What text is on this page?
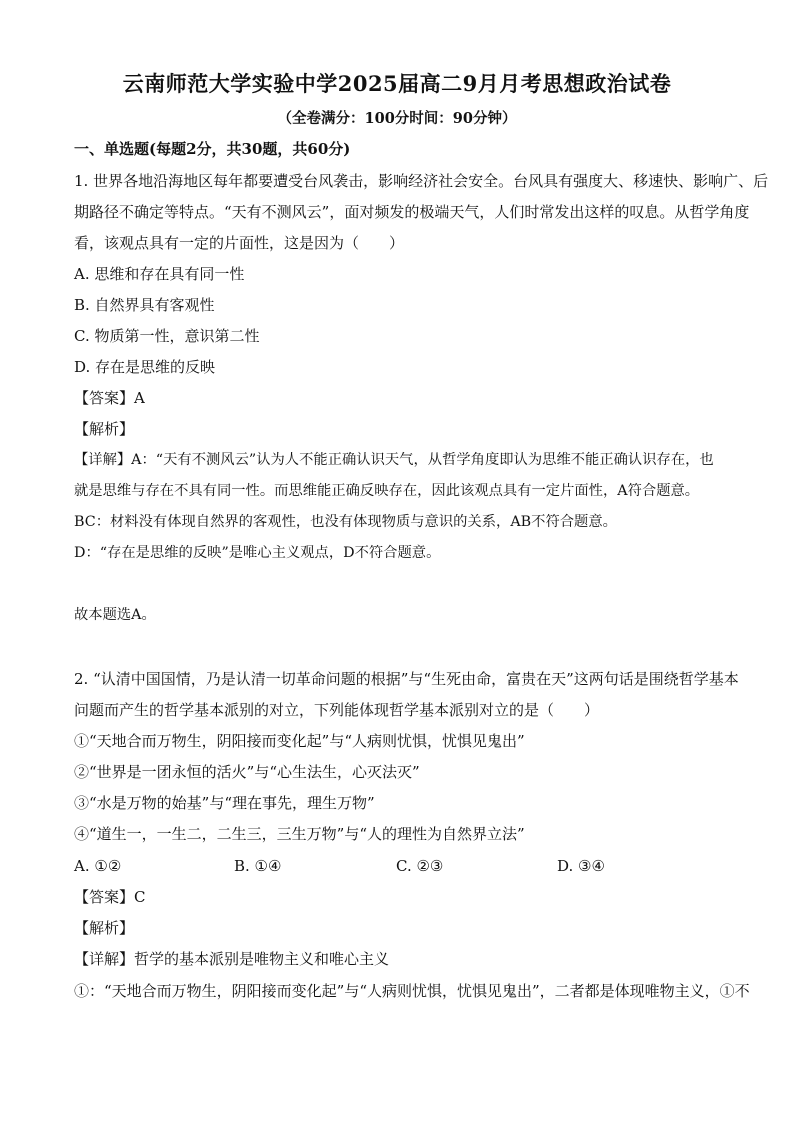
云南师范大学实验中学2025届高二9月月考思想政治试卷
（全卷满分：100分时间：90分钟）
一、单选题(每题2分，共30题，共60分)
1. 世界各地沿海地区每年都要遭受台风袭击，影响经济社会安全。台风具有强度大、移速快、影响广、后
期路径不确定等特点。“天有不测风云”，面对频发的极端天气，人们时常发出这样的叹息。从哲学角度
看，该观点具有一定的片面性，这是因为（　　）
A. 思维和存在具有同一性
B. 自然界具有客观性
C. 物质第一性，意识第二性
D. 存在是思维的反映
【答案】A
【解析】
【详解】A：“天有不测风云”认为人不能正确认识天气，从哲学角度即认为思维不能正确认识存在，也
就是思维与存在不具有同一性。而思维能正确反映存在，因此该观点具有一定片面性，A符合题意。
BC：材料没有体现自然界的客观性，也没有体现物质与意识的关系，AB不符合题意。
D：“存在是思维的反映”是唯心主义观点，D不符合题意。
故本题选A。
2. “认清中国国情，乃是认清一切革命问题的根据”与“生死由命，富贵在天”这两句话是围绕哲学基本
问题而产生的哲学基本派别的对立，下列能体现哲学基本派别对立的是（　　）
①“天地合而万物生，阴阳接而变化起”与“人病则忧惧，忧惧见鬼出”
②“世界是一团永恒的活火”与“心生法生，心灭法灭”
③“水是万物的始基”与“理在事先，理生万物”
④“道生一，一生二，二生三，三生万物”与“人的理性为自然界立法”
A. ①②	B. ①④	C. ②③	D. ③④
【答案】C
【解析】
【详解】哲学的基本派别是唯物主义和唯心主义
①：“天地合而万物生，阴阳接而变化起”与“人病则忧惧，忧惧见鬼出”，二者都是体现唯物主义，①不
